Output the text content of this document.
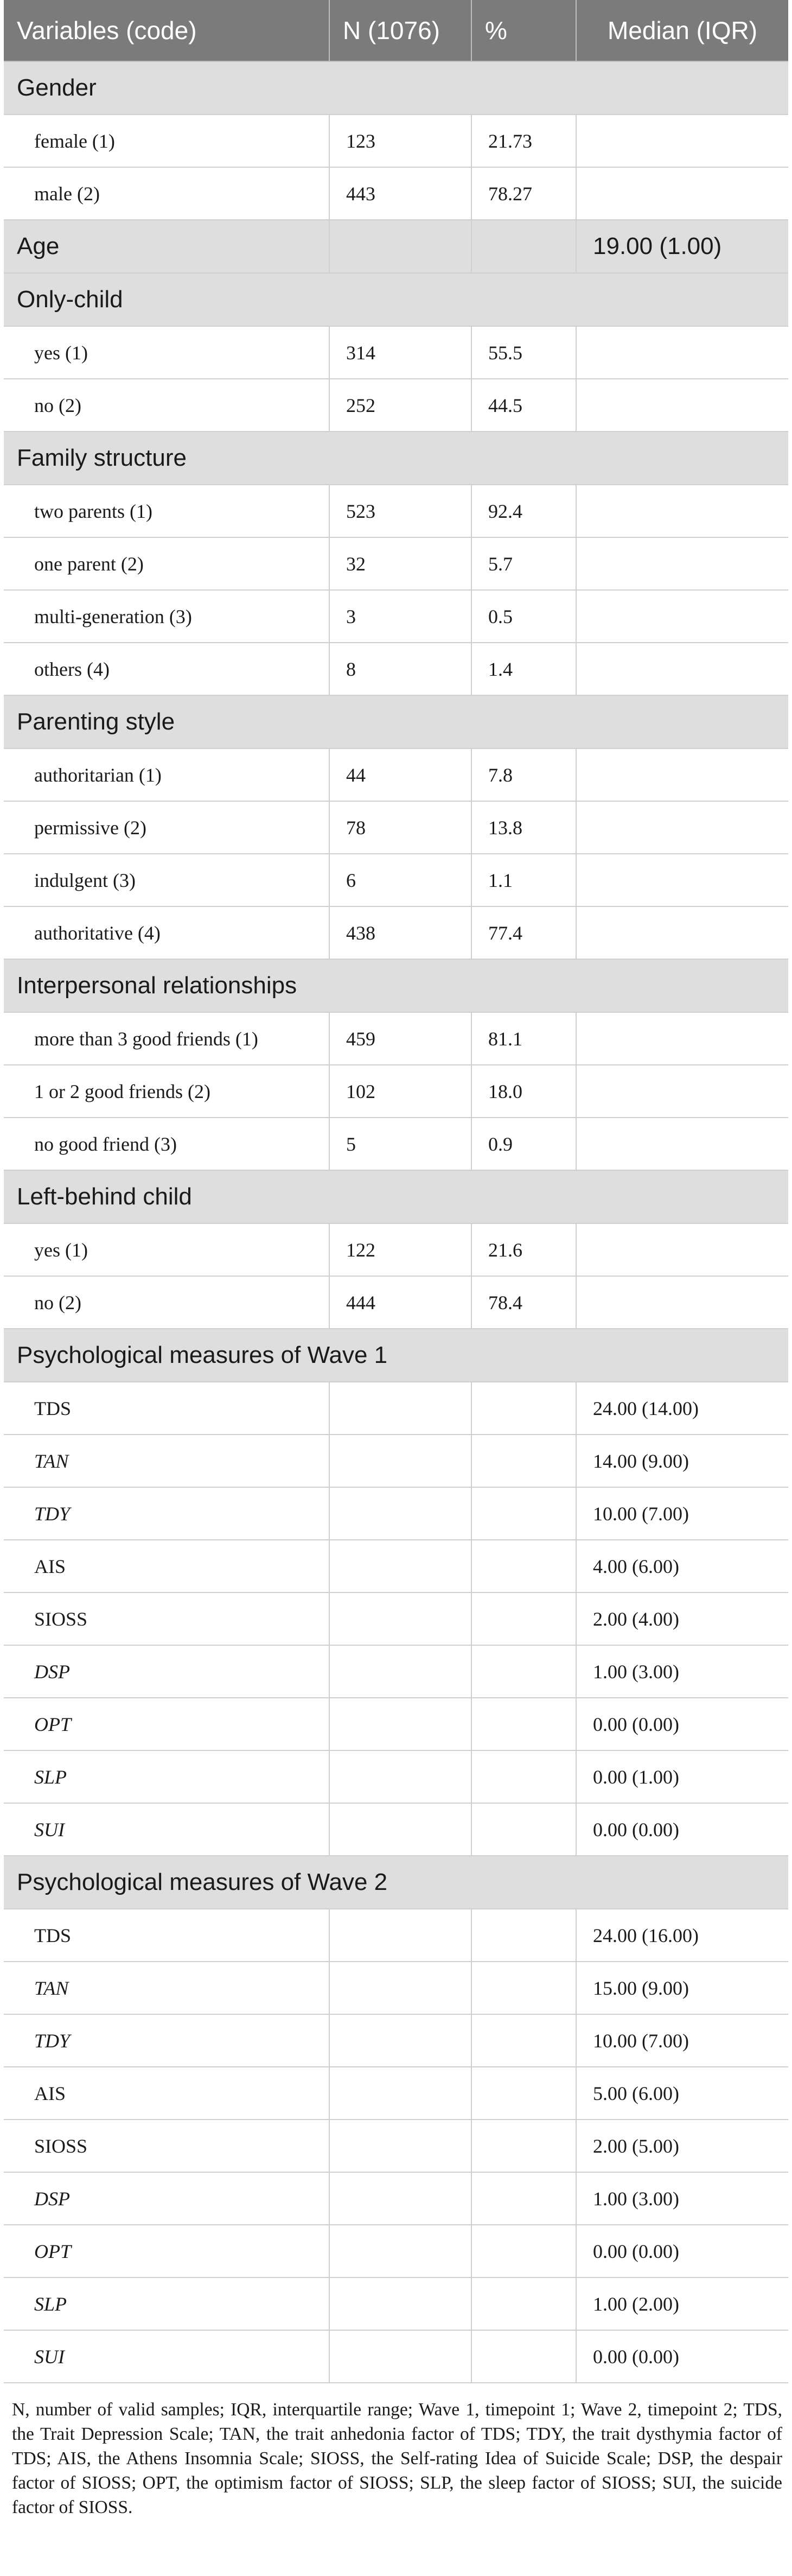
Variables (code)	N (1076)	%	Median (IQR)
Gender			
female (1)	123	21.73	
male (2)	443	78.27	
Age			19.00 (1.00)
Only-child			
yes (1)	314	55.5	
no (2)	252	44.5	
Family structure			
two parents (1)	523	92.4	
one parent (2)	32	5.7	
multi-generation (3)	3	0.5	
others (4)	8	1.4	
Parenting style			
authoritarian (1)	44	7.8	
permissive (2)	78	13.8	
indulgent (3)	6	1.1	
authoritative (4)	438	77.4	
Interpersonal relationships			
more than 3 good friends (1)	459	81.1	
1 or 2 good friends (2)	102	18.0	
no good friend (3)	5	0.9	
Left-behind child			
yes (1)	122	21.6	
no (2)	444	78.4	
Psychological measures of Wave 1			
TDS			24.00 (14.00)
TAN			14.00 (9.00)
TDY			10.00 (7.00)
AIS			4.00 (6.00)
SIOSS			2.00 (4.00)
DSP			1.00 (3.00)
OPT			0.00 (0.00)
SLP			0.00 (1.00)
SUI			0.00 (0.00)
Psychological measures of Wave 2			
TDS			24.00 (16.00)
TAN			15.00 (9.00)
TDY			10.00 (7.00)
AIS			5.00 (6.00)
SIOSS			2.00 (5.00)
DSP			1.00 (3.00)
OPT			0.00 (0.00)
SLP			1.00 (2.00)
SUI			0.00 (0.00)
N, number of valid samples; IQR, interquartile range; Wave 1, timepoint 1; Wave 2, timepoint 2; TDS, the Trait Depression Scale; TAN, the trait anhedonia factor of TDS; TDY, the trait dysthymia factor of TDS; AIS, the Athens Insomnia Scale; SIOSS, the Self-rating Idea of Suicide Scale; DSP, the despair factor of SIOSS; OPT, the optimism factor of SIOSS; SLP, the sleep factor of SIOSS; SUI, the suicide factor of SIOSS.
